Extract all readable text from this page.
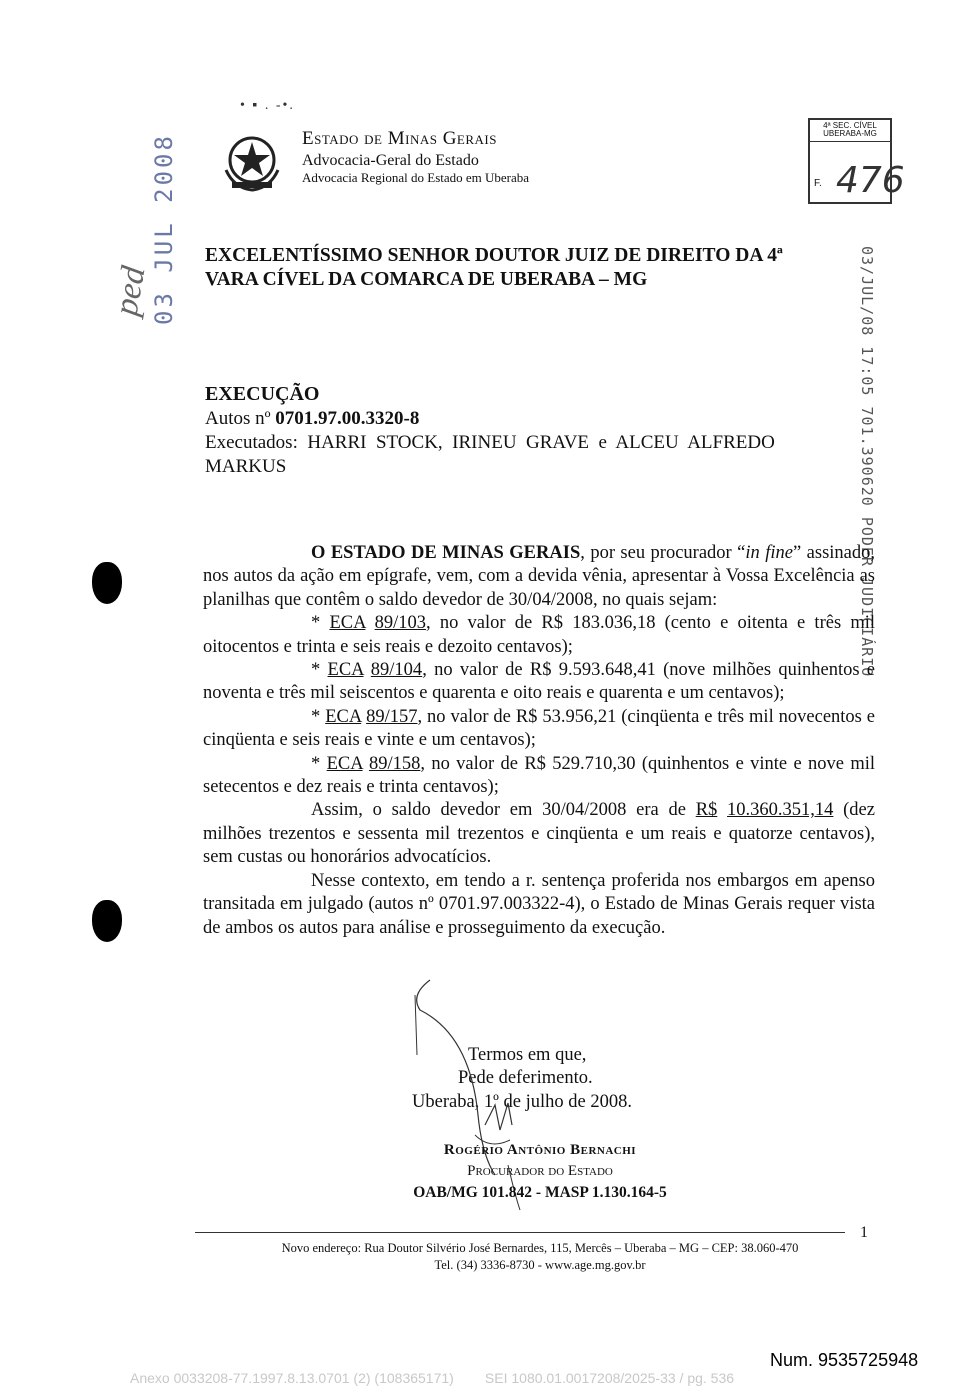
• ▪ . -•.
Estado de Minas Gerais
Advocacia-Geral do Estado
Advocacia Regional do Estado em Uberaba
4ª SEC. CÍVEL
UBERABA-MG
F. 476
03 JUL 2008
ped	03/JUL/08 17:05 701.390620 PODER JUDICIÁRIO
EXCELENTÍSSIMO SENHOR DOUTOR JUIZ DE DIREITO DA 4ª
VARA CÍVEL DA COMARCA DE UBERABA – MG
EXECUÇÃO
Autos nº 0701.97.00.3320-8
Executados:  HARRI  STOCK,  IRINEU  GRAVE  e  ALCEU  ALFREDO
MARKUS

O ESTADO DE MINAS GERAIS, por seu procurador “in fine” assinado, nos autos da ação em epígrafe, vem, com a devida vênia, apresentar à Vossa Excelência as planilhas que contêm o saldo devedor de 30/04/2008, no quais sejam:

* ECA 89/103, no valor de R$ 183.036,18 (cento e oitenta e três mil oitocentos e trinta e seis reais e dezoito centavos);

* ECA 89/104, no valor de R$ 9.593.648,41 (nove milhões quinhentos e noventa e três mil seiscentos e quarenta e oito reais e quarenta e um centavos);

* ECA 89/157, no valor de R$ 53.956,21 (cinqüenta e três mil novecentos e cinqüenta e seis reais e vinte e um centavos);

* ECA 89/158, no valor de R$ 529.710,30 (quinhentos e vinte e nove mil setecentos e dez reais e trinta centavos);

Assim, o saldo devedor em 30/04/2008 era de R$ 10.360.351,14 (dez milhões trezentos e sessenta mil trezentos e cinqüenta e um reais e quatorze centavos), sem custas ou honorários advocatícios.

Nesse contexto, em tendo a r. sentença proferida nos embargos em apenso transitada em julgado (autos nº 0701.97.003322-4), o Estado de Minas Gerais requer vista de ambos os autos para análise e prosseguimento da execução.

Termos em que,
Pede deferimento.
Uberaba, 1º de julho de 2008.
Rogério Antônio Bernachi
Procurador do Estado
OAB/MG 101.842 - MASP 1.130.164-5
1
Novo endereço: Rua Doutor Silvério José Bernardes, 115, Mercês – Uberaba – MG – CEP: 38.060-470
Tel. (34) 3336-8730 - www.age.mg.gov.br
Num. 9535725948
Anexo 0033208-77.1997.8.13.0701 (2) (108365171)        SEI 1080.01.0017208/2025-33 / pg. 536
